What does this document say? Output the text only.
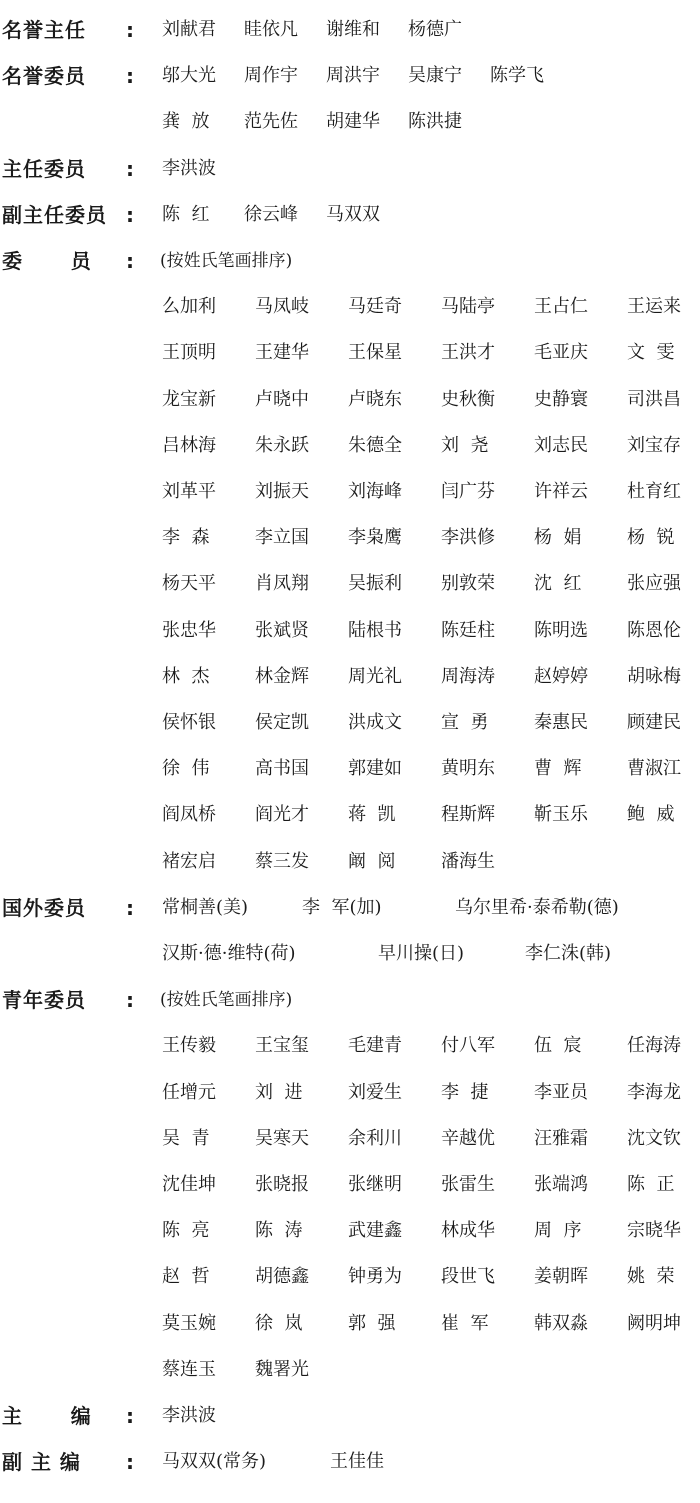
名誉主任 : 刘献君 眭依凡 谢维和 杨德广
名誉委员 : 邬大光 周作宇 周洪宇 吴康宁 陈学飞
龚  放 范先佐 胡建华 陈洪捷
主任委员 : 李洪波
副主任委员 : 陈  红 徐云峰 马双双
委      员 : (按姓氏笔画排序)
么加利 马凤岐 马廷奇 马陆亭 王占仁 王运来
王顶明 王建华 王保星 王洪才 毛亚庆 文  雯
龙宝新 卢晓中 卢晓东 史秋衡 史静寰 司洪昌
吕林海 朱永跃 朱德全 刘  尧	刘志民 刘宝存
刘革平 刘振天 刘海峰 闫广芬 许祥云 杜育红
李  森	李立国 李枭鹰 李洪修 杨  娟	杨  锐
杨天平 肖凤翔 吴振利 别敦荣 沈  红	张应强
张忠华 张斌贤 陆根书 陈廷柱 陈明选 陈恩伦
林  杰	林金辉 周光礼 周海涛 赵婷婷 胡咏梅
侯怀银 侯定凯 洪成文 宣  勇	秦惠民 顾建民
徐  伟	高书国 郭建如 黄明东 曹  辉	曹淑江
阎凤桥 阎光才 蒋  凯	程斯辉 靳玉乐 鲍  威
褚宏启 蔡三发 阚  阅	潘海生
国外委员 : 常桐善(美)	李  军(加)	乌尔里希·泰希勒(德)
汉斯·德·维特(荷)	早川操(日)	李仁洙(韩)
青年委员 : (按姓氏笔画排序)
王传毅 王宝玺 毛建青 付八军 伍  宸	任海涛
任增元 刘  进	刘爱生 李  捷	李亚员 李海龙
吴  青	吴寒天 余利川 辛越优 汪雅霜 沈文钦
沈佳坤 张晓报 张继明 张雷生 张端鸿 陈  正
陈  亮	陈  涛	武建鑫 林成华 周  序	宗晓华
赵  哲	胡德鑫 钟勇为 段世飞 姜朝晖 姚  荣
莫玉婉 徐  岚	郭  强	崔  军	韩双淼 阙明坤
蔡连玉 魏署光
主      编 : 李洪波
副 主 编 : 马双双(常务)	王佳佳
